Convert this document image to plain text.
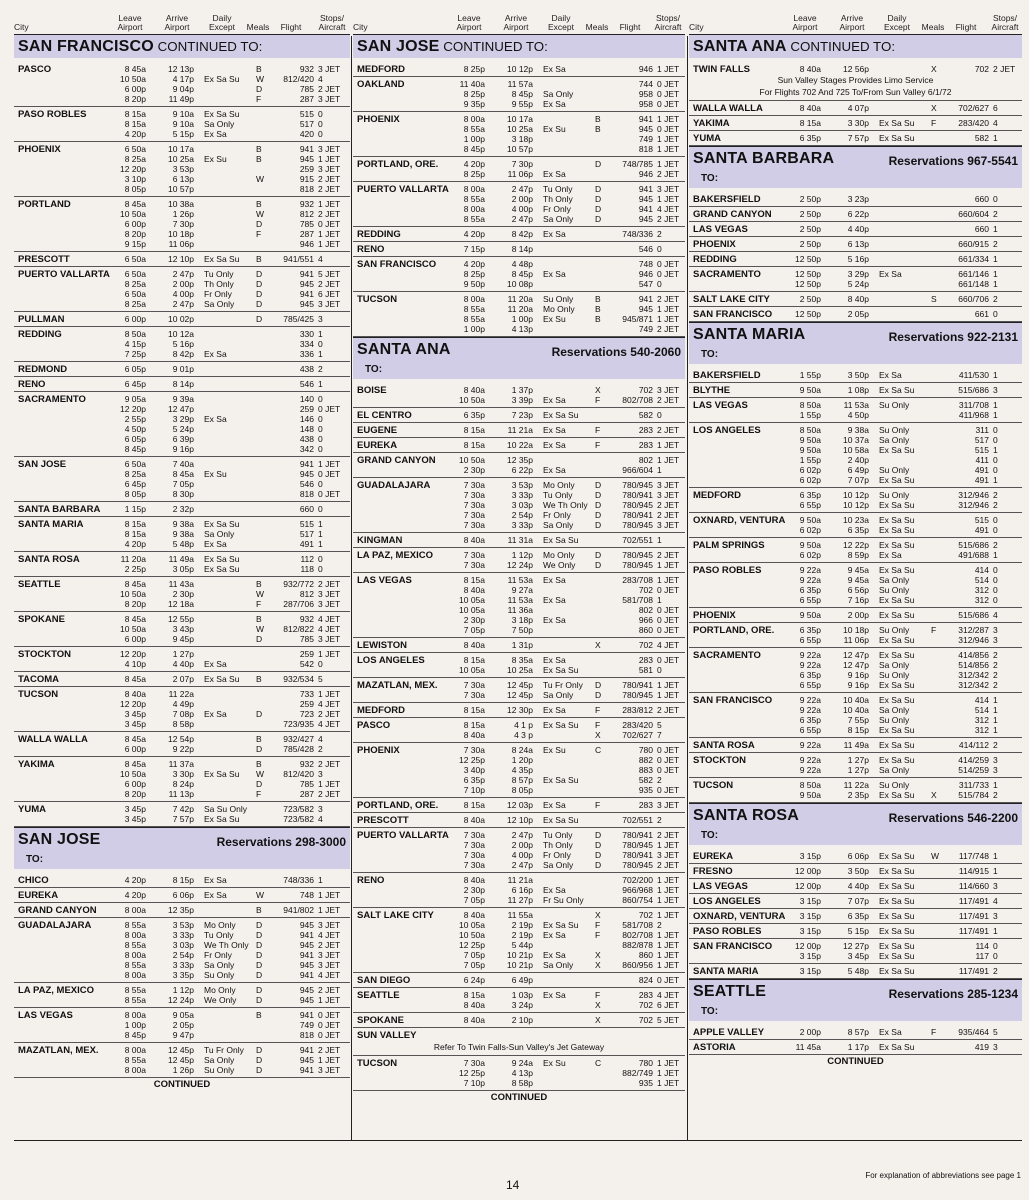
City
Leave
Airport
Arrive
Airport
Daily
Except	Meals	Flight
Stops/
Aircraft City
Leave
Airport
Arrive
Airport
Daily
Except	Meals	Flight
Stops/
Aircraft City
Leave
Airport
Arrive
Airport
Daily
Except	Meals	Flight
Stops/
Aircraft
SAN FRANCISCO CONTINUED TO:
PASCO	8 45a	12 13p	B	932 3 JET
10 50a	4 17p Ex Sa Su W	812/420 4
6 00p	9 04p	D	785 2 JET
8 20p	11 49p	F	287 3 JET
PASO ROBLES	8 15a	9 10a Ex Sa Su	515 0
8 15a	9 10a Sa Only	517 0
4 20p	5 15p Ex Sa	420 0
PHOENIX	6 50a	10 17a	B	941 3 JET
8 25a	10 25a Ex Su	B	945 1 JET
12 20p	3 53p	259 3 JET
3 10p	6 13p	W	915 2 JET
8 05p	10 57p	818 2 JET
PORTLAND	8 45a	10 38a	B	932 1 JET
10 50a	1 26p	W	812 2 JET
6 00p	7 30p	D	785 0 JET
8 20p	10 18p	F	287 1 JET
9 15p	11 06p	946 1 JET
PRESCOTT	6 50a	12 10p Ex Sa Su B	941/551 4
PUERTO VALLARTA	6 50a	2 47p Tu Only	D	941 5 JET
8 25a	2 00p Th Only	D	945 2 JET
6 50a	4 00p Fr Only	D	941 6 JET
8 25a	2 47p Sa Only	D	945 3 JET
PULLMAN	6 00p	10 02p	D	785/425 3
REDDING	8 50a	10 12a	330 1
4 15p	5 16p	334 0
7 25p	8 42p Ex Sa	336 1
REDMOND	6 05p	9 01p	438 2
RENO	6 45p	8 14p	546 1
SACRAMENTO	9 05a	9 39a	140 0
12 20p	12 47p	259 0 JET
2 55p	3 29p Ex Sa	146 0
4 50p	5 24p	148 0
6 05p	6 39p	438 0
8 45p	9 16p	342 0
SAN JOSE	6 50a	7 40a	941 1 JET
8 25a	8 45a Ex Su	945 0 JET
6 45p	7 05p	546 0
8 05p	8 30p	818 0 JET
SANTA BARBARA	1 15p	2 32p	660 0
SANTA MARIA	8 15a	9 38a Ex Sa Su	515 1
8 15a	9 38a Sa Only	517 1
4 20p	5 48p Ex Sa	491 1
SANTA ROSA	11 20a	11 49a Ex Sa Su	112 0
2 25p	3 05p Ex Sa Su	118 0
SEATTLE	8 45a	11 43a	B	932/772 2 JET
10 50a	2 30p	W	812 3 JET
8 20p	12 18a	F	287/706 3 JET
SPOKANE	8 45a	12 55p	B	932 4 JET
10 50a	3 43p	W	812/822 4 JET
6 00p	9 45p	D	785 3 JET
STOCKTON	12 20p	1 27p	259 1 JET
4 10p	4 40p Ex Sa	542 0
TACOMA	8 45a	2 07p Ex Sa Su B	932/534 5
TUCSON	8 40a	11 22a	733 1 JET
12 20p	4 49p	259 4 JET
3 45p	7 08p Ex Sa	D	723 2 JET
3 45p	8 58p	723/935 4 JET
WALLA WALLA	8 45a	12 54p	B	932/427 4
6 00p	9 22p	D	785/428 2
YAKIMA	8 45a	11 37a	B	932 2 JET
10 50a	3 30p Ex Sa Su W	812/420 3
6 00p	8 24p	D	785 1 JET
8 20p	11 13p	F	287 2 JET
YUMA	3 45p	7 42p Sa Su Only	723/582 3
3 45p	7 57p Ex Sa Su	723/582 4
Reservations 298-3000
SAN JOSE
TO:
CHICO	4 20p	8 15p Ex Sa	748/336 1
EUREKA	4 20p	6 06p Ex Sa	W	748 1 JET
GRAND CANYON	8 00a	12 35p	B	941/802 1 JET
GUADALAJARA	8 55a	3 53p Mo Only D	945 3 JET
8 00a	3 33p Tu Only	D	941 4 JET
8 55a	3 03p We Th Only D	945 2 JET
8 00a	2 54p Fr Only	D	941 3 JET
8 55a	3 33p Sa Only	D	945 3 JET
8 00a	3 35p Su Only	D	941 4 JET
LA PAZ, MEXICO	8 55a	1 12p Mo Only D	945 2 JET
8 55a	12 24p We Only D	945 1 JET
LAS VEGAS	8 00a	9 05a	B	941 0 JET
1 00p	2 05p	749 0 JET
8 45p	9 47p	818 0 JET
MAZATLAN, MEX.	8 00a	12 45p Tu Fr Only D	941 2 JET
8 55a	12 45p Sa Only	D	945 1 JET
8 00a	1 26p Su Only	D	941 3 JET
CONTINUED
SAN JOSE CONTINUED TO:
MEDFORD	8 25p	10 12p Ex Sa	946 1 JET
OAKLAND	11 40a	11 57a	744 0 JET
8 25p	8 45p Sa Only	958 0 JET
9 35p	9 55p Ex Sa	958 0 JET
PHOENIX	8 00a	10 17a	B	941 1 JET
8 55a	10 25a Ex Su	B	945 0 JET
1 00p	3 18p	749 1 JET
8 45p	10 57p	818 1 JET
PORTLAND, ORE.	4 20p	7 30p	D	748/785 1 JET
8 25p	11 06p Ex Sa	946 2 JET
PUERTO VALLARTA	8 00a	2 47p Tu Only	D	941 3 JET
8 55a	2 00p Th Only	D	945 1 JET
8 00a	4 00p Fr Only	D	941 4 JET
8 55a	2 47p Sa Only	D	945 2 JET
REDDING	4 20p	8 42p Ex Sa	748/336 2
RENO	7 15p	8 14p	546 0
SAN FRANCISCO	4 20p	4 48p	748 0 JET
8 25p	8 45p Ex Sa	946 0 JET
9 50p	10 08p	547 0
TUCSON	8 00a	11 20a Su Only	B	941 2 JET
8 55a	11 20a Mo Only B	945 1 JET
8 55a	1 00p Ex Su	B	945/871 1 JET
1 00p	4 13p	749 2 JET
Reservations 540-2060
SANTA ANA
TO:
BOISE	8 40a	1 37p	X	702 3 JET
10 50a	3 39p Ex Sa	F	802/708 2 JET
EL CENTRO	6 35p	7 23p Ex Sa Su	582 0
EUGENE	8 15a	11 21a Ex Sa	F	283 2 JET
EUREKA	8 15a	10 22a Ex Sa	F	283 1 JET
GRAND CANYON	10 50a	12 35p	802 1 JET
2 30p	6 22p Ex Sa	966/604 1
GUADALAJARA	7 30a	3 53p Mo Only D	780/945 3 JET
7 30a	3 33p Tu Only	D	780/941 3 JET
7 30a	3 03p We Th Only D	780/945 2 JET
7 30a	2 54p Fr Only	D	780/941 2 JET
7 30a	3 33p Sa Only	D	780/945 3 JET
KINGMAN	8 40a	11 31a Ex Sa Su	702/551 1
LA PAZ, MEXICO	7 30a	1 12p Mo Only D	780/945 2 JET
7 30a	12 24p We Only D	780/945 1 JET
LAS VEGAS	8 15a	11 53a Ex Sa	283/708 1 JET
8 40a	9 27a	702 0 JET
10 05a	11 53a Ex Sa	581/708 1
10 05a	11 36a	802 0 JET
2 30p	3 18p Ex Sa	966 0 JET
7 05p	7 50p	860 0 JET
LEWISTON	8 40a	1 31p	X	702 4 JET
LOS ANGELES	8 15a	8 35a Ex Sa	283 0 JET
10 05a	10 25a Ex Sa Su	581 0
MAZATLAN, MEX.	7 30a	12 45p Tu Fr Only D	780/941 1 JET
7 30a	12 45p Sa Only	D	780/945 1 JET
MEDFORD	8 15a	12 30p Ex Sa	F	283/812 2 JET
PASCO	8 15a	4 1 p Ex Sa Su F	283/420 5
8 40a	4 3 p	X	702/627 7
PHOENIX	7 30a	8 24a Ex Su	C	780 0 JET
12 25p	1 20p	882 0 JET
3 40p	4 35p	883 0 JET
6 35p	8 57p Ex Sa Su	582 2
7 10p	8 05p	935 0 JET
PORTLAND, ORE.	8 15a	12 03p Ex Sa	F	283 3 JET
PRESCOTT	8 40a	12 10p Ex Sa Su	702/551 2
PUERTO VALLARTA	7 30a	2 47p Tu Only	D	780/941 2 JET
7 30a	2 00p Th Only	D	780/945 1 JET
7 30a	4 00p Fr Only	D	780/941 3 JET
7 30a	2 47p Sa Only	D	780/945 2 JET
RENO	8 40a	11 21a	702/200 1 JET
2 30p	6 16p Ex Sa	966/968 1 JET
7 05p	11 27p Fr Su Only	860/754 1 JET
SALT LAKE CITY	8 40a	11 55a	X	702 1 JET
10 05a	2 19p Ex Sa Su F	581/708 2
10 50a	2 19p Ex Sa	F	802/708 1 JET
12 25p	5 44p	882/878 1 JET
7 05p	10 21p Ex Sa	X	860 1 JET
7 05p	10 21p Sa Only	X	860/956 1 JET
SAN DIEGO	6 24p	6 49p	824 0 JET
SEATTLE	8 15a	1 03p Ex Sa	F	283 4 JET
8 40a	3 24p	X	702 6 JET
SPOKANE	8 40a	2 10p	X	702 5 JET
SUN VALLEY
Refer To Twin Falls-Sun Valley's Jet Gateway
TUCSON	7 30a	9 24a Ex Su	C	780 1 JET
12 25p	4 13p	882/749 1 JET
7 10p	8 58p	935 1 JET
CONTINUED
SANTA ANA CONTINUED TO:
TWIN FALLS	8 40a	12 56p	X	702 2 JET
Sun Valley Stages Provides Limo Service
For Flights 702 And 725 To/From Sun Valley 6/1/72
WALLA WALLA	8 40a	4 07p	X	702/627 6
YAKIMA	8 15a	3 30p Ex Sa Su F	283/420 4
YUMA	6 35p	7 57p Ex Sa Su	582 1
Reservations 967-5541
SANTA BARBARA
TO:
BAKERSFIELD	2 50p	3 23p	660 0
GRAND CANYON	2 50p	6 22p	660/604 2
LAS VEGAS	2 50p	4 40p	660 1
PHOENIX	2 50p	6 13p	660/915 2
REDDING	12 50p	5 16p	661/334 1
SACRAMENTO	12 50p	3 29p Ex Sa	661/146 1
12 50p	5 24p	661/148 1
SALT LAKE CITY	2 50p	8 40p	S	660/706 2
SAN FRANCISCO	12 50p	2 05p	661 0
Reservations 922-2131
SANTA MARIA
TO:
BAKERSFIELD	1 55p	3 50p Ex Sa	411/530 1
BLYTHE	9 50a	1 08p Ex Sa Su	515/686 3
LAS VEGAS	8 50a	11 53a Su Only	311/708 1
1 55p	4 50p	411/968 1
LOS ANGELES	8 50a	9 38a Su Only	311 0
9 50a	10 37a Sa Only	517 0
9 50a	10 58a Ex Sa Su	515 1
1 55p	2 40p	411 0
6 02p	6 49p Su Only	491 0
6 02p	7 07p Ex Sa Su	491 1
MEDFORD	6 35p	10 12p Su Only	312/946 2
6 55p	10 12p Ex Sa Su	312/946 2
OXNARD, VENTURA	9 50a	10 23a Ex Sa Su	515 0
6 02p	6 35p Ex Sa Su	491 0
PALM SPRINGS	9 50a	12 22p Ex Sa Su	515/686 2
6 02p	8 59p Ex Sa	491/688 1
PASO ROBLES	9 22a	9 45a Ex Sa Su	414 0
9 22a	9 45a Sa Only	514 0
6 35p	6 56p Su Only	312 0
6 55p	7 16p Ex Sa Su	312 0
PHOENIX	9 50a	2 00p Ex Sa Su	515/686 4
PORTLAND, ORE.	6 35p	10 18p Su Only	F	312/287 3
6 55p	11 06p Ex Sa Su	312/946 3
SACRAMENTO	9 22a	12 47p Ex Sa Su	414/856 2
9 22a	12 47p Sa Only	514/856 2
6 35p	9 16p Su Only	312/342 2
6 55p	9 16p Ex Sa Su	312/342 2
SAN FRANCISCO	9 22a	10 40a Ex Sa Su	414 1
9 22a	10 40a Sa Only	514 1
6 35p	7 55p Su Only	312 1
6 55p	8 15p Ex Sa Su	312 1
SANTA ROSA	9 22a	11 49a Ex Sa Su	414/112 2
STOCKTON	9 22a	1 27p Ex Sa Su	414/259 3
9 22a	1 27p Sa Only	514/259 3
TUCSON	8 50a	11 22a Su Only	311/733 1
9 50a	2 35p Ex Sa Su X	515/784 2
Reservations 546-2200
SANTA ROSA
TO:
EUREKA	3 15p	6 06p Ex Sa Su W	117/748 1
FRESNO	12 00p	3 50p Ex Sa Su	114/915 1
LAS VEGAS	12 00p	4 40p Ex Sa Su	114/660 3
LOS ANGELES	3 15p	7 07p Ex Sa Su	117/491 4
OXNARD, VENTURA	3 15p	6 35p Ex Sa Su	117/491 3
PASO ROBLES	3 15p	5 15p Ex Sa Su	117/491 1
SAN FRANCISCO	12 00p	12 27p Ex Sa Su	114 0
3 15p	3 45p Ex Sa Su	117 0
SANTA MARIA	3 15p	5 48p Ex Sa Su	117/491 2
Reservations 285-1234
SEATTLE
TO:
APPLE VALLEY	2 00p	8 57p Ex Sa	F	935/464 5
ASTORIA	11 45a	1 17p Ex Sa Su	419 3
CONTINUED
For explanation of abbreviations see page 1
14
